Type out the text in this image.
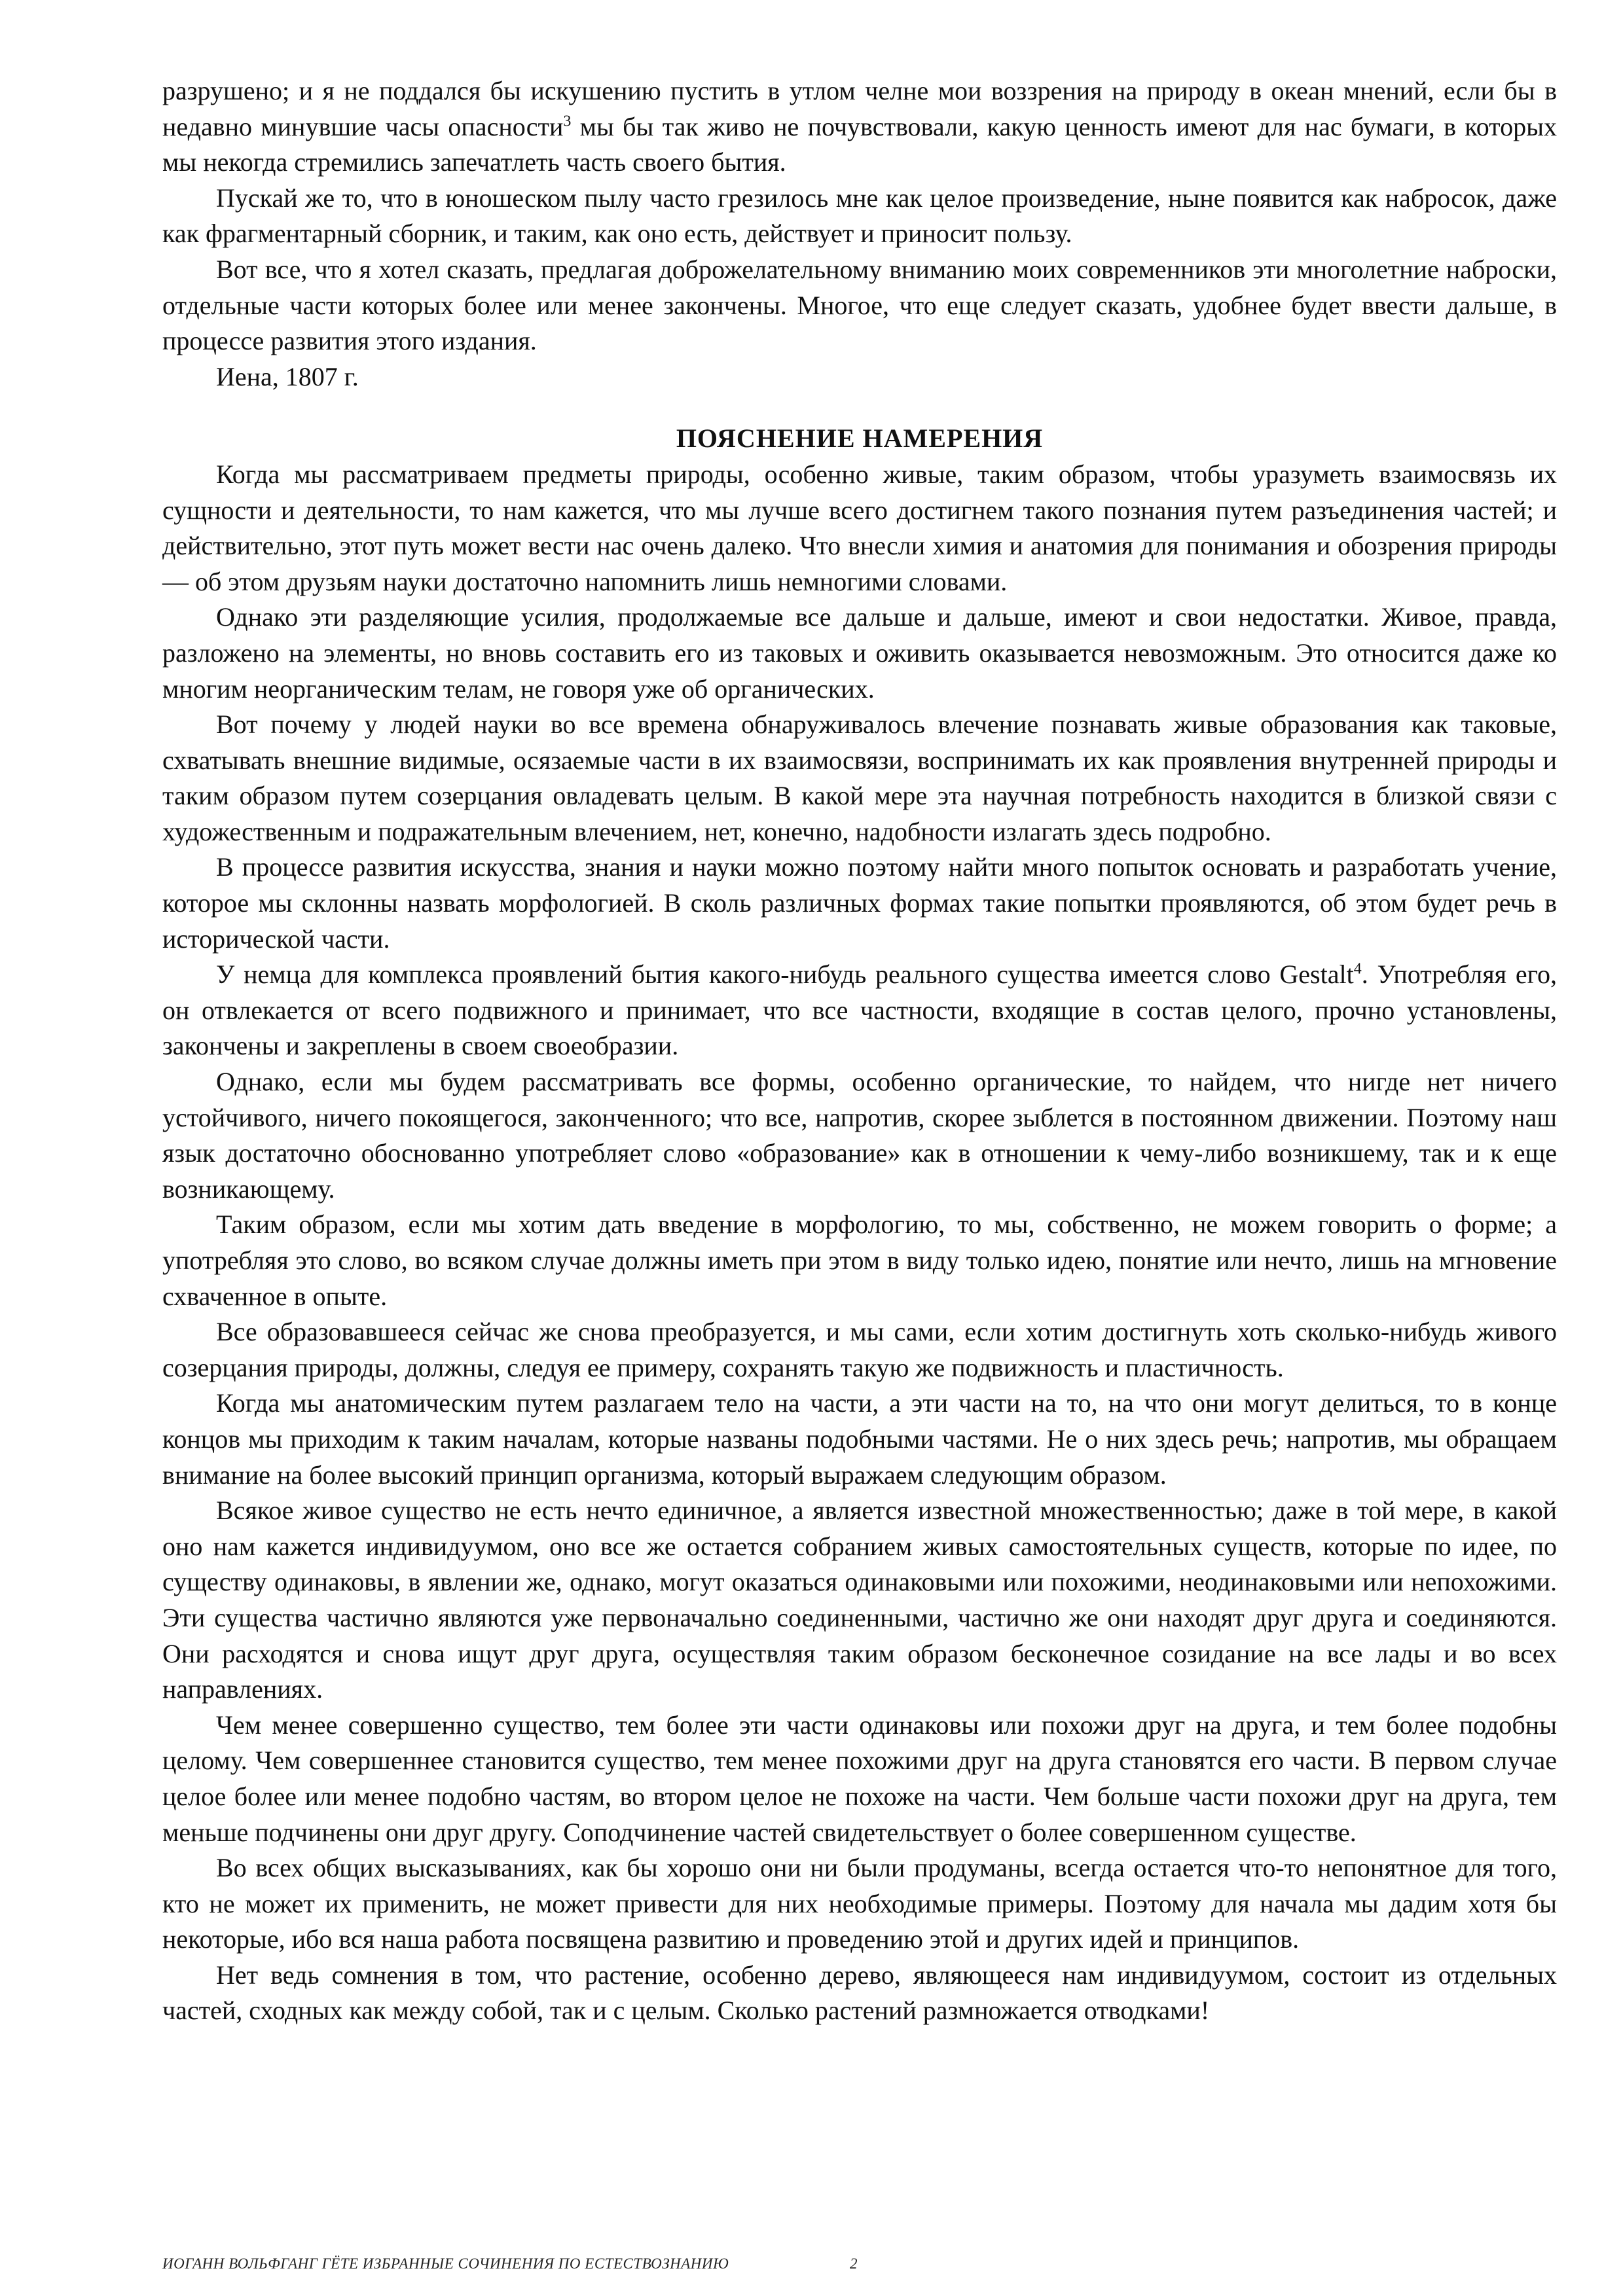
разрушено; и я не поддался бы искушению пустить в утлом челне мои воззрения на природу в океан мнений, если бы в недавно минувшие часы опасности$^3$ мы бы так живо не почувствовали, какую ценность имеют для нас бумаги, в которых мы некогда стремились запечатлеть часть своего бытия.

Пускай же то, что в юношеском пылу часто грезилось мне как целое произведение, ныне появится как набросок, даже как фрагментарный сборник, и таким, как оно есть, действует и приносит пользу.

Вот все, что я хотел сказать, предлагая доброжелательному вниманию моих современников эти многолетние наброски, отдельные части которых более или менее закончены. Многое, что еще следует сказать, удобнее будет ввести дальше, в процессе развития этого издания.

Иена, 1807 г.

ПОЯСНЕНИЕ НАМЕРЕНИЯ

Когда мы рассматриваем предметы природы, особенно живые, таким образом, чтобы уразуметь взаимосвязь их сущности и деятельности, то нам кажется, что мы лучше всего достигнем такого познания путем разъединения частей; и действительно, этот путь может вести нас очень далеко. Что внесли химия и анатомия для понимания и обозрения природы — об этом друзьям науки достаточно напомнить лишь немногими словами.

Однако эти разделяющие усилия, продолжаемые все дальше и дальше, имеют и свои недостатки. Живое, правда, разложено на элементы, но вновь составить его из таковых и оживить оказывается невозможным. Это относится даже ко многим неорганическим телам, не говоря уже об органических.

Вот почему у людей науки во все времена обнаруживалось влечение познавать живые образования как таковые, схватывать внешние видимые, осязаемые части в их взаимосвязи, воспринимать их как проявления внутренней природы и таким образом путем созерцания овладевать целым. В какой мере эта научная потребность находится в близкой связи с художественным и подражательным влечением, нет, конечно, надобности излагать здесь подробно.

В процессе развития искусства, знания и науки можно поэтому найти много попыток основать и разработать учение, которое мы склонны назвать морфологией. В сколь различных формах такие попытки проявляются, об этом будет речь в исторической части.

У немца для комплекса проявлений бытия какого-нибудь реального существа имеется слово Gestalt$^4$. Употребляя его, он отвлекается от всего подвижного и принимает, что все частности, входящие в состав целого, прочно установлены, закончены и закреплены в своем своеобразии.

Однако, если мы будем рассматривать все формы, особенно органические, то найдем, что нигде нет ничего устойчивого, ничего покоящегося, законченного; что все, напротив, скорее зыблется в постоянном движении. Поэтому наш язык достаточно обоснованно употребляет слово «образование» как в отношении к чему-либо возникшему, так и к еще возникающему.

Таким образом, если мы хотим дать введение в морфологию, то мы, собственно, не можем говорить о форме; а употребляя это слово, во всяком случае должны иметь при этом в виду только идею, понятие или нечто, лишь на мгновение схваченное в опыте.

Все образовавшееся сейчас же снова преобразуется, и мы сами, если хотим достигнуть хоть сколько-нибудь живого созерцания природы, должны, следуя ее примеру, сохранять такую же подвижность и пластичность.

Когда мы анатомическим путем разлагаем тело на части, а эти части на то, на что они могут делиться, то в конце концов мы приходим к таким началам, которые названы подобными частями. Не о них здесь речь; напротив, мы обращаем внимание на более высокий принцип организма, который выражаем следующим образом.

Всякое живое существо не есть нечто единичное, а является известной множественностью; даже в той мере, в какой оно нам кажется индивидуумом, оно все же остается собранием живых самостоятельных существ, которые по идее, по существу одинаковы, в явлении же, однако, могут оказаться одинаковыми или похожими, неодинаковыми или непохожими. Эти существа частично являются уже первоначально соединенными, частично же они находят друг друга и соединяются. Они расходятся и снова ищут друг друга, осуществляя таким образом бесконечное созидание на все лады и во всех направлениях.

Чем менее совершенно существо, тем более эти части одинаковы или похожи друг на друга, и тем более подобны целому. Чем совершеннее становится существо, тем менее похожими друг на друга становятся его части. В первом случае целое более или менее подобно частям, во втором целое не похоже на части. Чем больше части похожи друг на друга, тем меньше подчинены они друг другу. Соподчинение частей свидетельствует о более совершенном существе.

Во всех общих высказываниях, как бы хорошо они ни были продуманы, всегда остается что-то непонятное для того, кто не может их применить, не может привести для них необходимые примеры. Поэтому для начала мы дадим хотя бы некоторые, ибо вся наша работа посвящена развитию и проведению этой и других идей и принципов.

Нет ведь сомнения в том, что растение, особенно дерево, являющееся нам индивидуумом, состоит из отдельных частей, сходных как между собой, так и с целым. Сколько растений размножается отводками!

ИОГАНН ВОЛЬФГАНГ ГЁТЕ ИЗБРАННЫЕ СОЧИНЕНИЯ ПО ЕСТЕСТВОЗНАНИЮ	2
